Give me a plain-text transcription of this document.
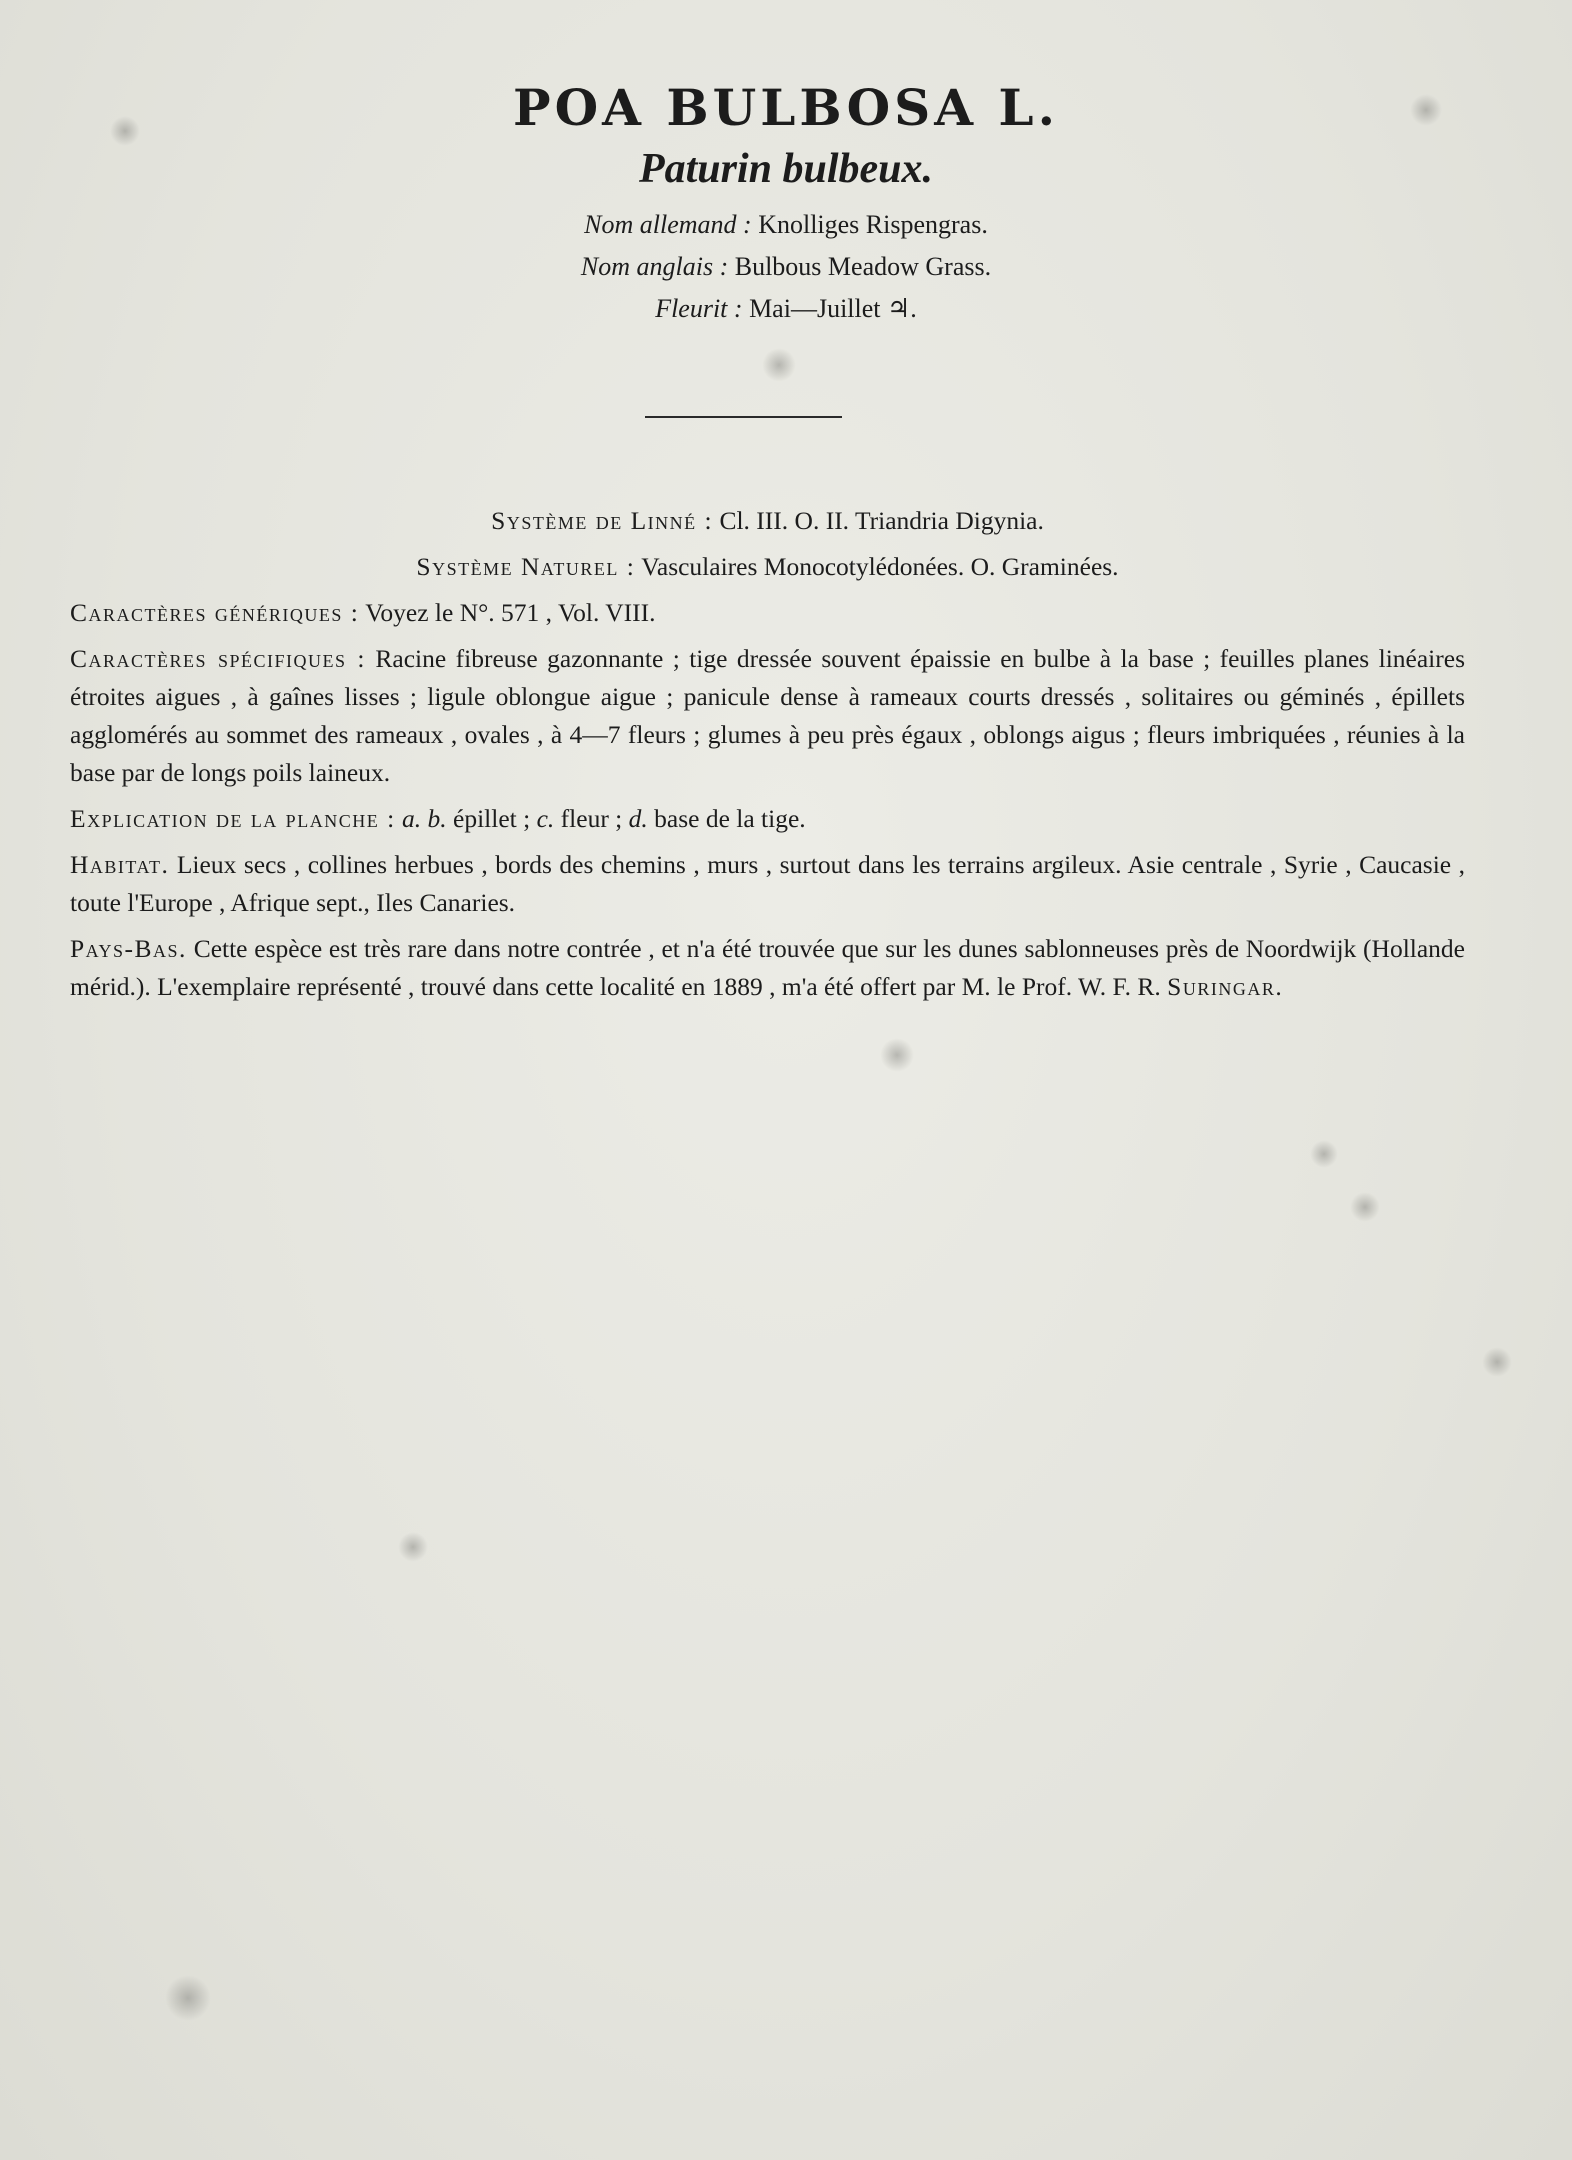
POA BULBOSA L.

Paturin bulbeux.

Nom allemand : Knolliges Rispengras.

Nom anglais : Bulbous Meadow Grass.

Fleurit : Mai—Juillet ♃.

Système de Linné : Cl. III. O. II. Triandria Digynia.

Système Naturel : Vasculaires Monocotylédonées. O. Graminées.

Caractères génériques : Voyez le N°. 571 , Vol. VIII.

Caractères spécifiques : Racine fibreuse gazonnante ; tige dressée souvent épaissie en bulbe à la base ; feuilles planes linéaires étroites aigues , à gaînes lisses ; ligule oblongue aigue ; panicule dense à rameaux courts dressés , solitaires ou géminés , épillets agglomérés au sommet des rameaux , ovales , à 4—7 fleurs ; glumes à peu près égaux , oblongs aigus ; fleurs imbriquées , réunies à la base par de longs poils laineux.

Explication de la planche : a. b. épillet ; c. fleur ; d. base de la tige.

Habitat. Lieux secs , collines herbues , bords des chemins , murs , surtout dans les terrains argileux. Asie centrale , Syrie , Caucasie , toute l'Europe , Afrique sept., Iles Canaries.

Pays-Bas. Cette espèce est très rare dans notre contrée , et n'a été trouvée que sur les dunes sablonneuses près de Noordwijk (Hollande mérid.). L'exemplaire représenté , trouvé dans cette localité en 1889 , m'a été offert par M. le Prof. W. F. R. Suringar.
